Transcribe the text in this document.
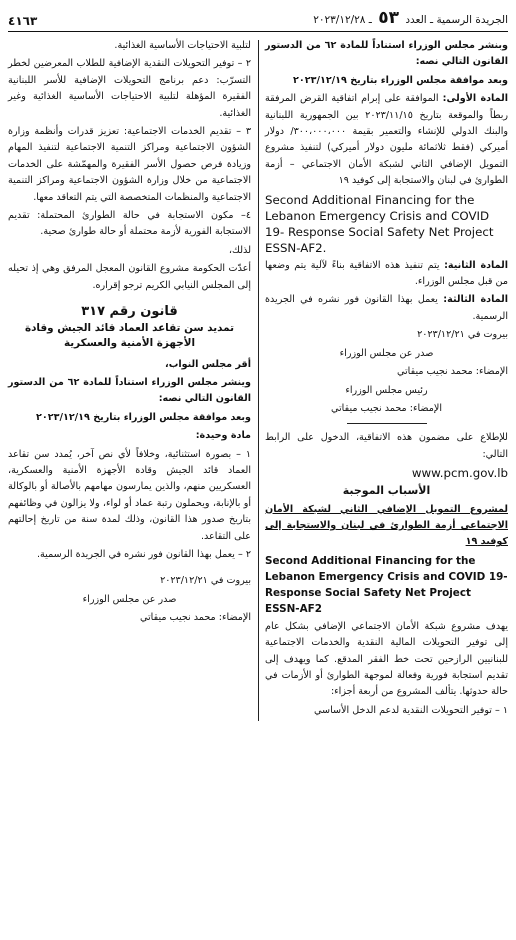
الجريدة الرسمية ـ العدد ٥٣ ـ ٢٠٢٣/١٢/٢٨
٤١٦٣

وبنشر مجلس الوزراء استناداً للمادة ٦٢ من الدستور القانون التالي نصه:

وبعد موافقة مجلس الوزراء بتاريخ ٢٠٢٣/١٢/١٩

المادة الأولى: الموافقة على إبرام اتفاقية القرض المرفقة ربطاً والموقعة بتاريخ ٢٠٢٣/١١/١٥ بين الجمهورية اللبنانية والبنك الدولي للإنشاء والتعمير بقيمة ٣٠٠،٠٠٠،٠٠٠/ دولار أميركي (فقط ثلاثمائة مليون دولار أميركي) لتنفيذ مشروع التمويل الإضافي الثاني لشبكة الأمان الاجتماعي – أزمة الطوارئ في لبنان والاستجابة إلى كوفيد ١٩

Second Additional Financing for the Lebanon Emergency Crisis and COVID 19- Response Social Safety Net Project ESSN-AF2.

المادة الثانية: يتم تنفيذ هذه الاتفاقية بناءً لآلية يتم وضعها من قبل مجلس الوزراء.

المادة الثالثة: يعمل بهذا القانون فور نشره في الجريدة الرسمية.

بيروت في ٢٠٢٣/١٢/٢١

صدر عن مجلس الوزراء

الإمضاء: محمد نجيب ميقاتي

رئيس مجلس الوزراء

الإمضاء: محمد نجيب ميقاتي

للإطلاع على مضمون هذه الاتفاقية، الدخول على الرابط التالي:

www.pcm.gov.lb

الأسباب الموجبة

لمشروع التمويل الإضافي الثاني لشبكة الأمان الاجتماعي أزمة الطوارئ في لبنان والاستجابة إلى كوفيد ١٩

Second Additional Financing for the Lebanon Emergency Crisis and COVID 19- Response Social Safety Net Project ESSN-AF2

يهدف مشروع شبكة الأمان الاجتماعي الإضافي بشكل عام إلى توفير التحويلات المالية النقدية والخدمات الاجتماعية للبنانيين الرازحين تحت خط الفقر المدقع. كما ويهدف إلى تقديم استجابة فورية وفعالة لموجهة الطوارئ أو الأزمات في حالة حدوثها. يتألف المشروع من أربعة أجزاء:

١ – توفير التحويلات النقدية لدعم الدخل الأساسي

لتلبية الاحتياجات الأساسية الغذائية.

٢ – توفير التحويلات النقدية الإضافية للطلاب المعرضين لخطر التسرّب: دعم برنامج التحويلات الإضافية للأسر اللبنانية الفقيرة المؤهلة لتلبية الاحتياجات الأساسية الغذائية وغير الغذائية.

٣ – تقديم الخدمات الاجتماعية: تعزيز قدرات وأنظمة وزارة الشؤون الاجتماعية ومراكز التنمية الاجتماعية لتنفيذ المهام وزيادة فرص حصول الأسر الفقيرة والمهمّشة على الخدمات الاجتماعية من خلال وزارة الشؤون الاجتماعية ومراكز التنمية الاجتماعية والمنظمات المتخصصة التي يتم التعاقد معها.

٤– مكون الاستجابة في حالة الطوارئ المحتملة: تقديم الاستجابة الفورية لأزمة محتملة أو حالة طوارئ صحية.

لذلك،

أعدّت الحكومة مشروع القانون المعجل المرفق وهي إذ تحيله إلى المجلس النيابي الكريم ترجو إقراره.

قانون رقم ٣١٧
تمديد سن تقاعد العماد قائد الجيش وقادة الأجهزة الأمنية والعسكرية

أقر مجلس النواب،

وينشر مجلس الوزراء استناداً للمادة ٦٢ من الدستور القانون التالي نصه:

وبعد موافقة مجلس الوزراء بتاريخ ٢٠٢٣/١٢/١٩

مادة وحيدة:

١ – بصورة استثنائية، وخلافاً لأي نص آخر، يُمدد سن تقاعد العماد قائد الجيش وقادة الأجهزة الأمنية والعسكرية، العسكريين منهم، والذين يمارسون مهامهم بالأصالة أو بالوكالة أو بالإنابة، ويحملون رتبة عماد أو لواء، ولا يزالون في وظائفهم بتاريخ صدور هذا القانون، وذلك لمدة سنة من تاريخ إحالتهم على التقاعد.

٢ – يعمل بهذا القانون فور نشره في الجريدة الرسمية.

بيروت في ٢٠٢٣/١٢/٢١

صدر عن مجلس الوزراء

الإمضاء: محمد نجيب ميقاتي
